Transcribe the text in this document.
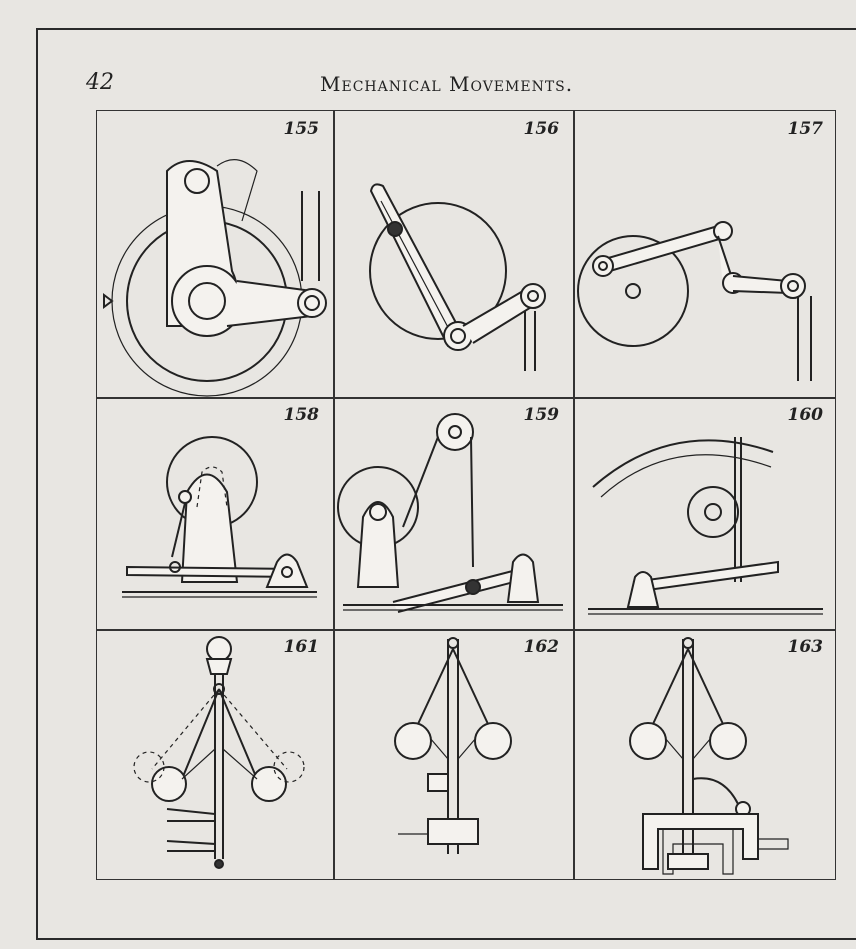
42	Mechanical Movements.
155	156	157
158	159	160
161	162	163
